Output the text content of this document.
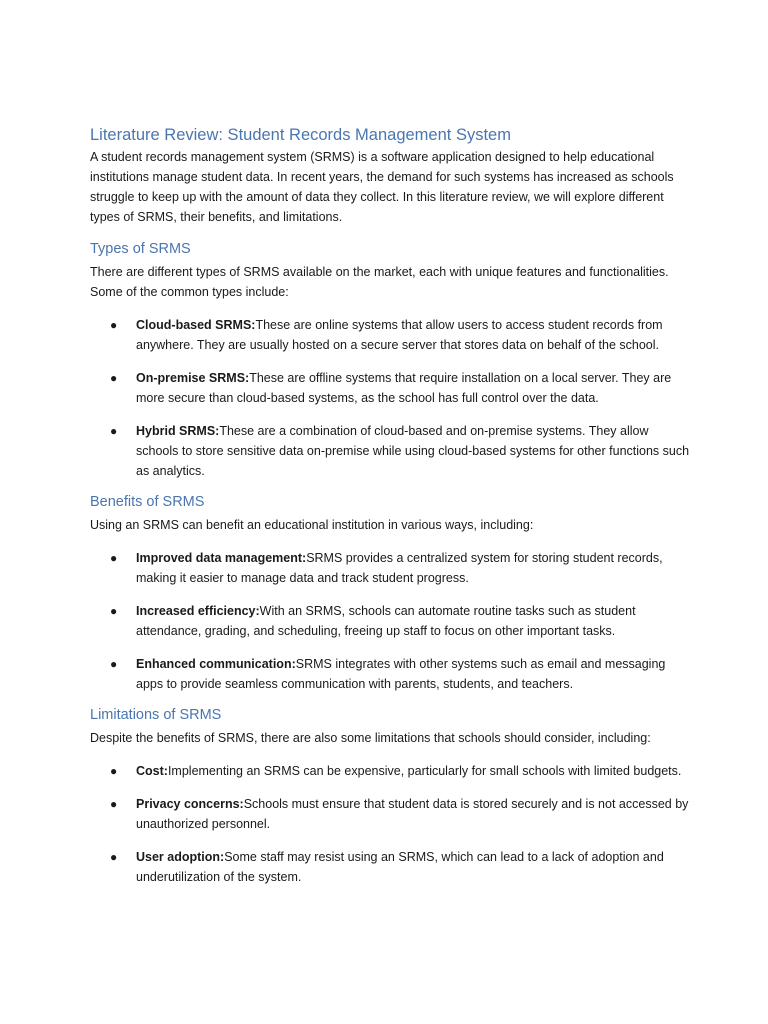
Literature Review: Student Records Management System

A student records management system (SRMS) is a software application designed to help educational institutions manage student data. In recent years, the demand for such systems has increased as schools struggle to keep up with the amount of data they collect. In this literature review, we will explore different types of SRMS, their benefits, and limitations.

Types of SRMS

There are different types of SRMS available on the market, each with unique features and functionalities. Some of the common types include:

● Cloud-based SRMS:These are online systems that allow users to access student records from anywhere. They are usually hosted on a secure server that stores data on behalf of the school.
● On-premise SRMS:These are offline systems that require installation on a local server. They are more secure than cloud-based systems, as the school has full control over the data.
● Hybrid SRMS:These are a combination of cloud-based and on-premise systems. They allow schools to store sensitive data on-premise while using cloud-based systems for other functions such as analytics.
Benefits of SRMS

Using an SRMS can benefit an educational institution in various ways, including:

● Improved data management:SRMS provides a centralized system for storing student records, making it easier to manage data and track student progress.
● Increased efficiency:With an SRMS, schools can automate routine tasks such as student attendance, grading, and scheduling, freeing up staff to focus on other important tasks.
● Enhanced communication:SRMS integrates with other systems such as email and messaging apps to provide seamless communication with parents, students, and teachers.
Limitations of SRMS

Despite the benefits of SRMS, there are also some limitations that schools should consider, including:

● Cost:Implementing an SRMS can be expensive, particularly for small schools with limited budgets.
● Privacy concerns:Schools must ensure that student data is stored securely and is not accessed by unauthorized personnel.
● User adoption:Some staff may resist using an SRMS, which can lead to a lack of adoption and underutilization of the system.
